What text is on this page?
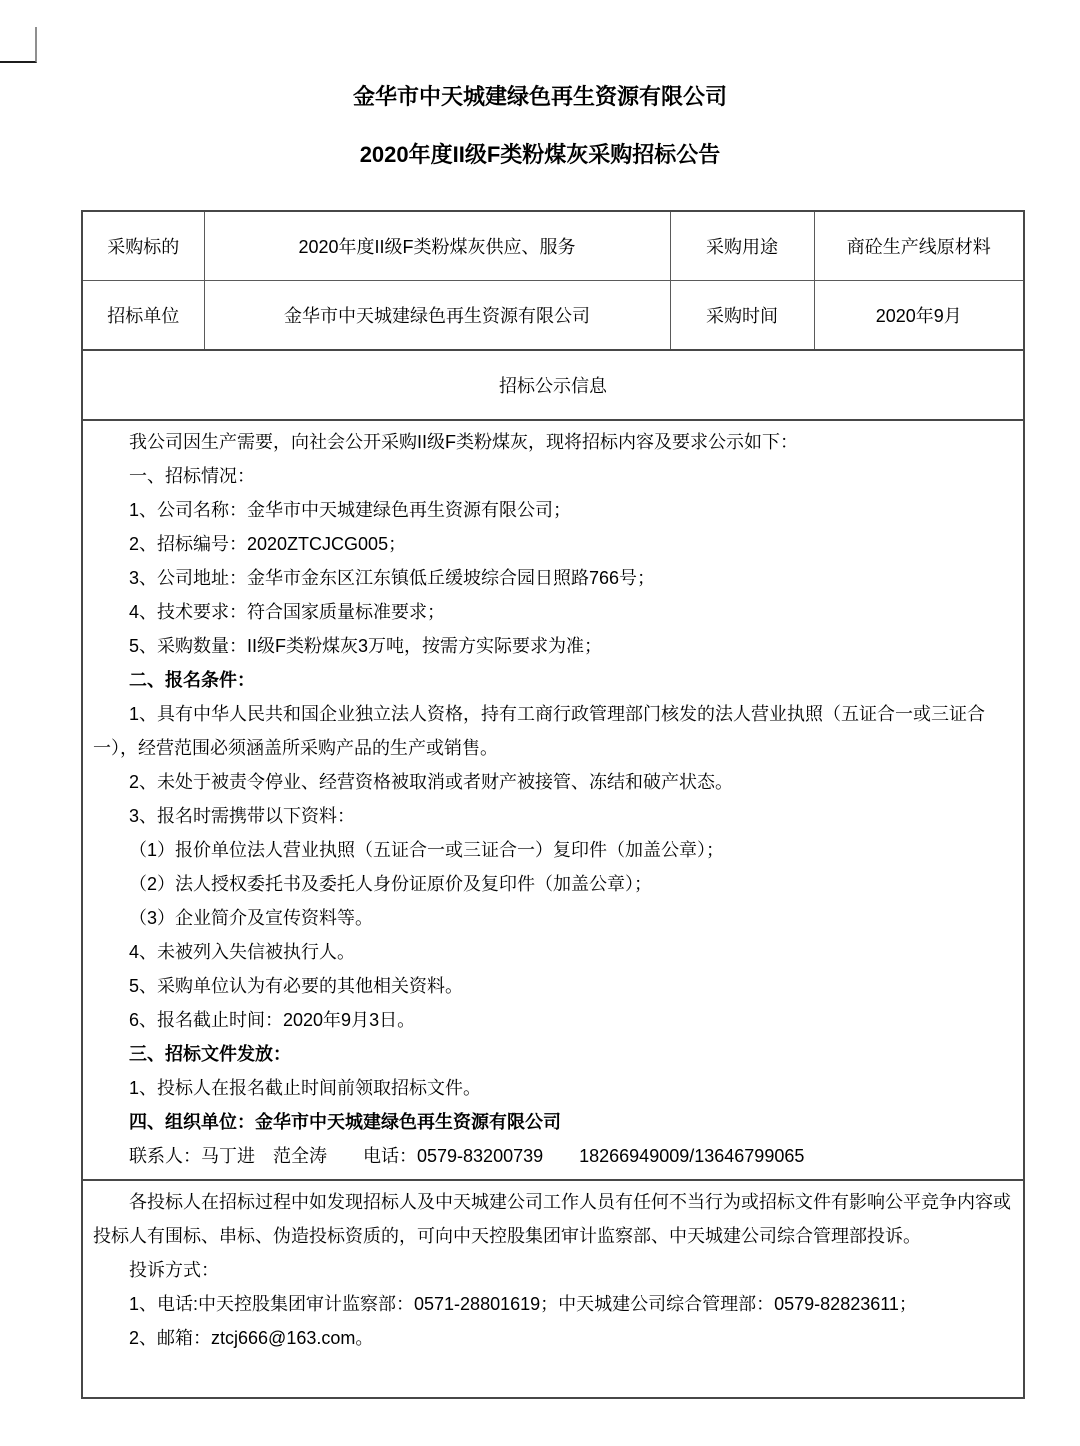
金华市中天城建绿色再生资源有限公司
2020年度II级F类粉煤灰采购招标公告
采购标的	2020年度II级F类粉煤灰供应、服务	采购用途	商砼生产线原材料
招标单位	金华市中天城建绿色再生资源有限公司	采购时间	2020年9月
招标公示信息			

我公司因生产需要，向社会公开采购II级F类粉煤灰，现将招标内容及要求公示如下：

一、招标情况：

1、公司名称：金华市中天城建绿色再生资源有限公司；

2、招标编号：2020ZTCJCG005；

3、公司地址：金华市金东区江东镇低丘缓坡综合园日照路766号；

4、技术要求：符合国家质量标准要求；

5、采购数量：II级F类粉煤灰3万吨，按需方实际要求为准；

二、报名条件：

1、具有中华人民共和国企业独立法人资格，持有工商行政管理部门核发的法人营业执照（五证合一或三证合一），经营范围必须涵盖所采购产品的生产或销售。

2、未处于被责令停业、经营资格被取消或者财产被接管、冻结和破产状态。

3、报名时需携带以下资料：

（1）报价单位法人营业执照（五证合一或三证合一）复印件（加盖公章）；

（2）法人授权委托书及委托人身份证原价及复印件（加盖公章）；

（3）企业简介及宣传资料等。

4、未被列入失信被执行人。

5、采购单位认为有必要的其他相关资料。

6、报名截止时间：2020年9月3日。

三、招标文件发放：

1、投标人在报名截止时间前领取招标文件。

四、组织单位：金华市中天城建绿色再生资源有限公司

联系人：马丁进　范全涛　　电话：0579-83200739　　18266949009/13646799065

各投标人在招标过程中如发现招标人及中天城建公司工作人员有任何不当行为或招标文件有影响公平竞争内容或投标人有围标、串标、伪造投标资质的，可向中天控股集团审计监察部、中天城建公司综合管理部投诉。

投诉方式：

1、电话:中天控股集团审计监察部：0571-28801619；中天城建公司综合管理部：0579-82823611；

2、邮箱：ztcj666@163.com。			
